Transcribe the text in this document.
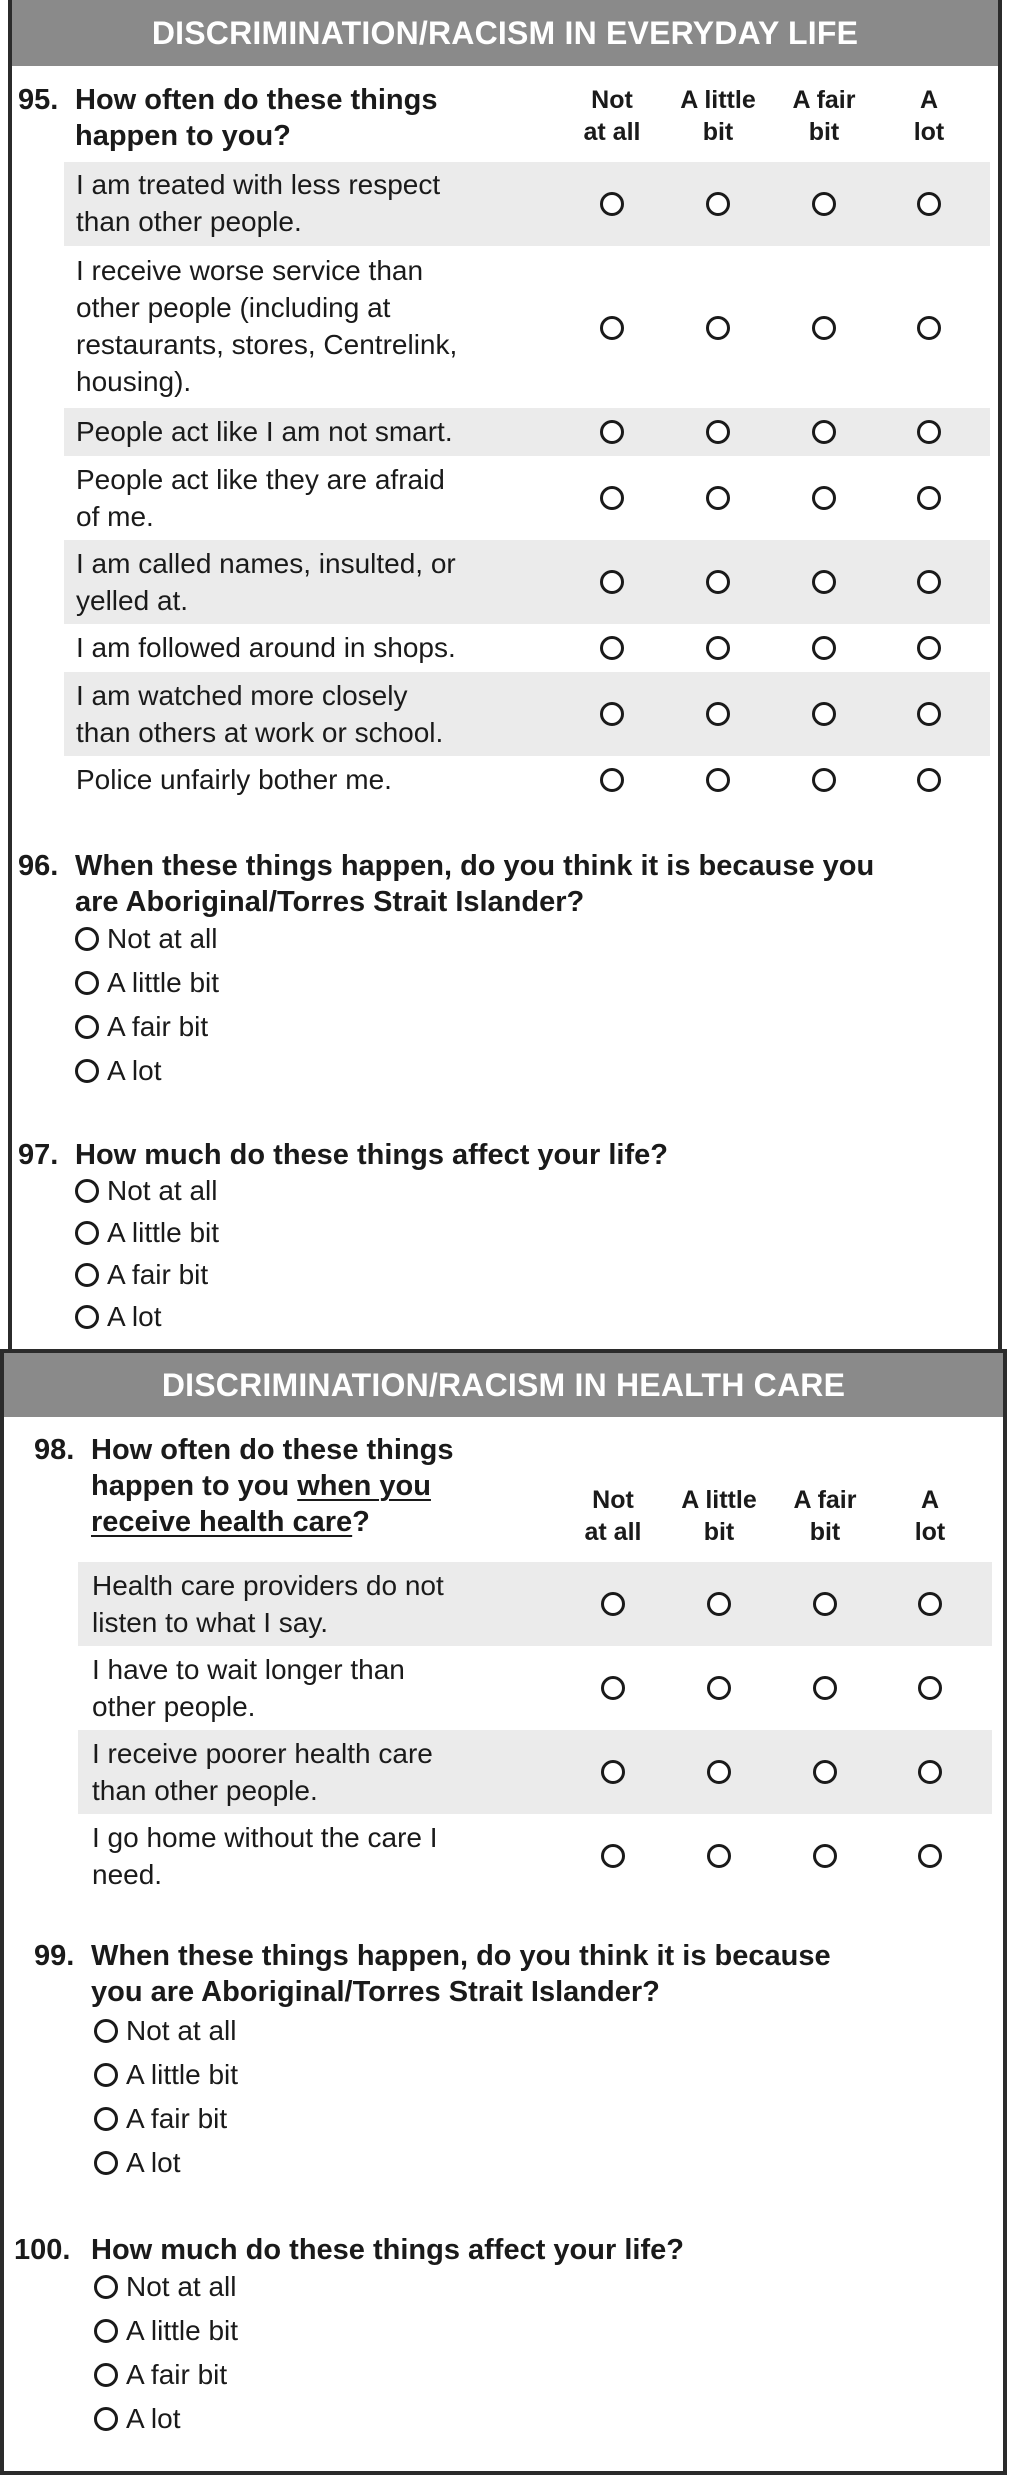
DISCRIMINATION/RACISM IN EVERYDAY LIFE
95. How often do these things
happen to you?
Not
at all
A little
bit
A fair
bit
A
lot
I am treated with less respect
than other people.
I receive worse service than
other people (including at
restaurants, stores, Centrelink,
housing).
People act like I am not smart.
People act like they are afraid
of me.
I am called names, insulted, or
yelled at.
I am followed around in shops.
I am watched more closely
than others at work or school.
Police unfairly bother me.
96. When these things happen, do you think it is because you
are Aboriginal/Torres Strait Islander?
Not at all
A little bit
A fair bit
A lot
97. How much do these things affect your life?
Not at all
A little bit
A fair bit
A lot
DISCRIMINATION/RACISM IN HEALTH CARE
98. How often do these things
happen to you when you
receive health care?
Not
at all
A little
bit
A fair
bit
A
lot
Health care providers do not
listen to what I say.
I have to wait longer than
other people.
I receive poorer health care
than other people.
I go home without the care I
need.
99. When these things happen, do you think it is because
you are Aboriginal/Torres Strait Islander?
Not at all
A little bit
A fair bit
A lot
100. How much do these things affect your life?
Not at all
A little bit
A fair bit
A lot
